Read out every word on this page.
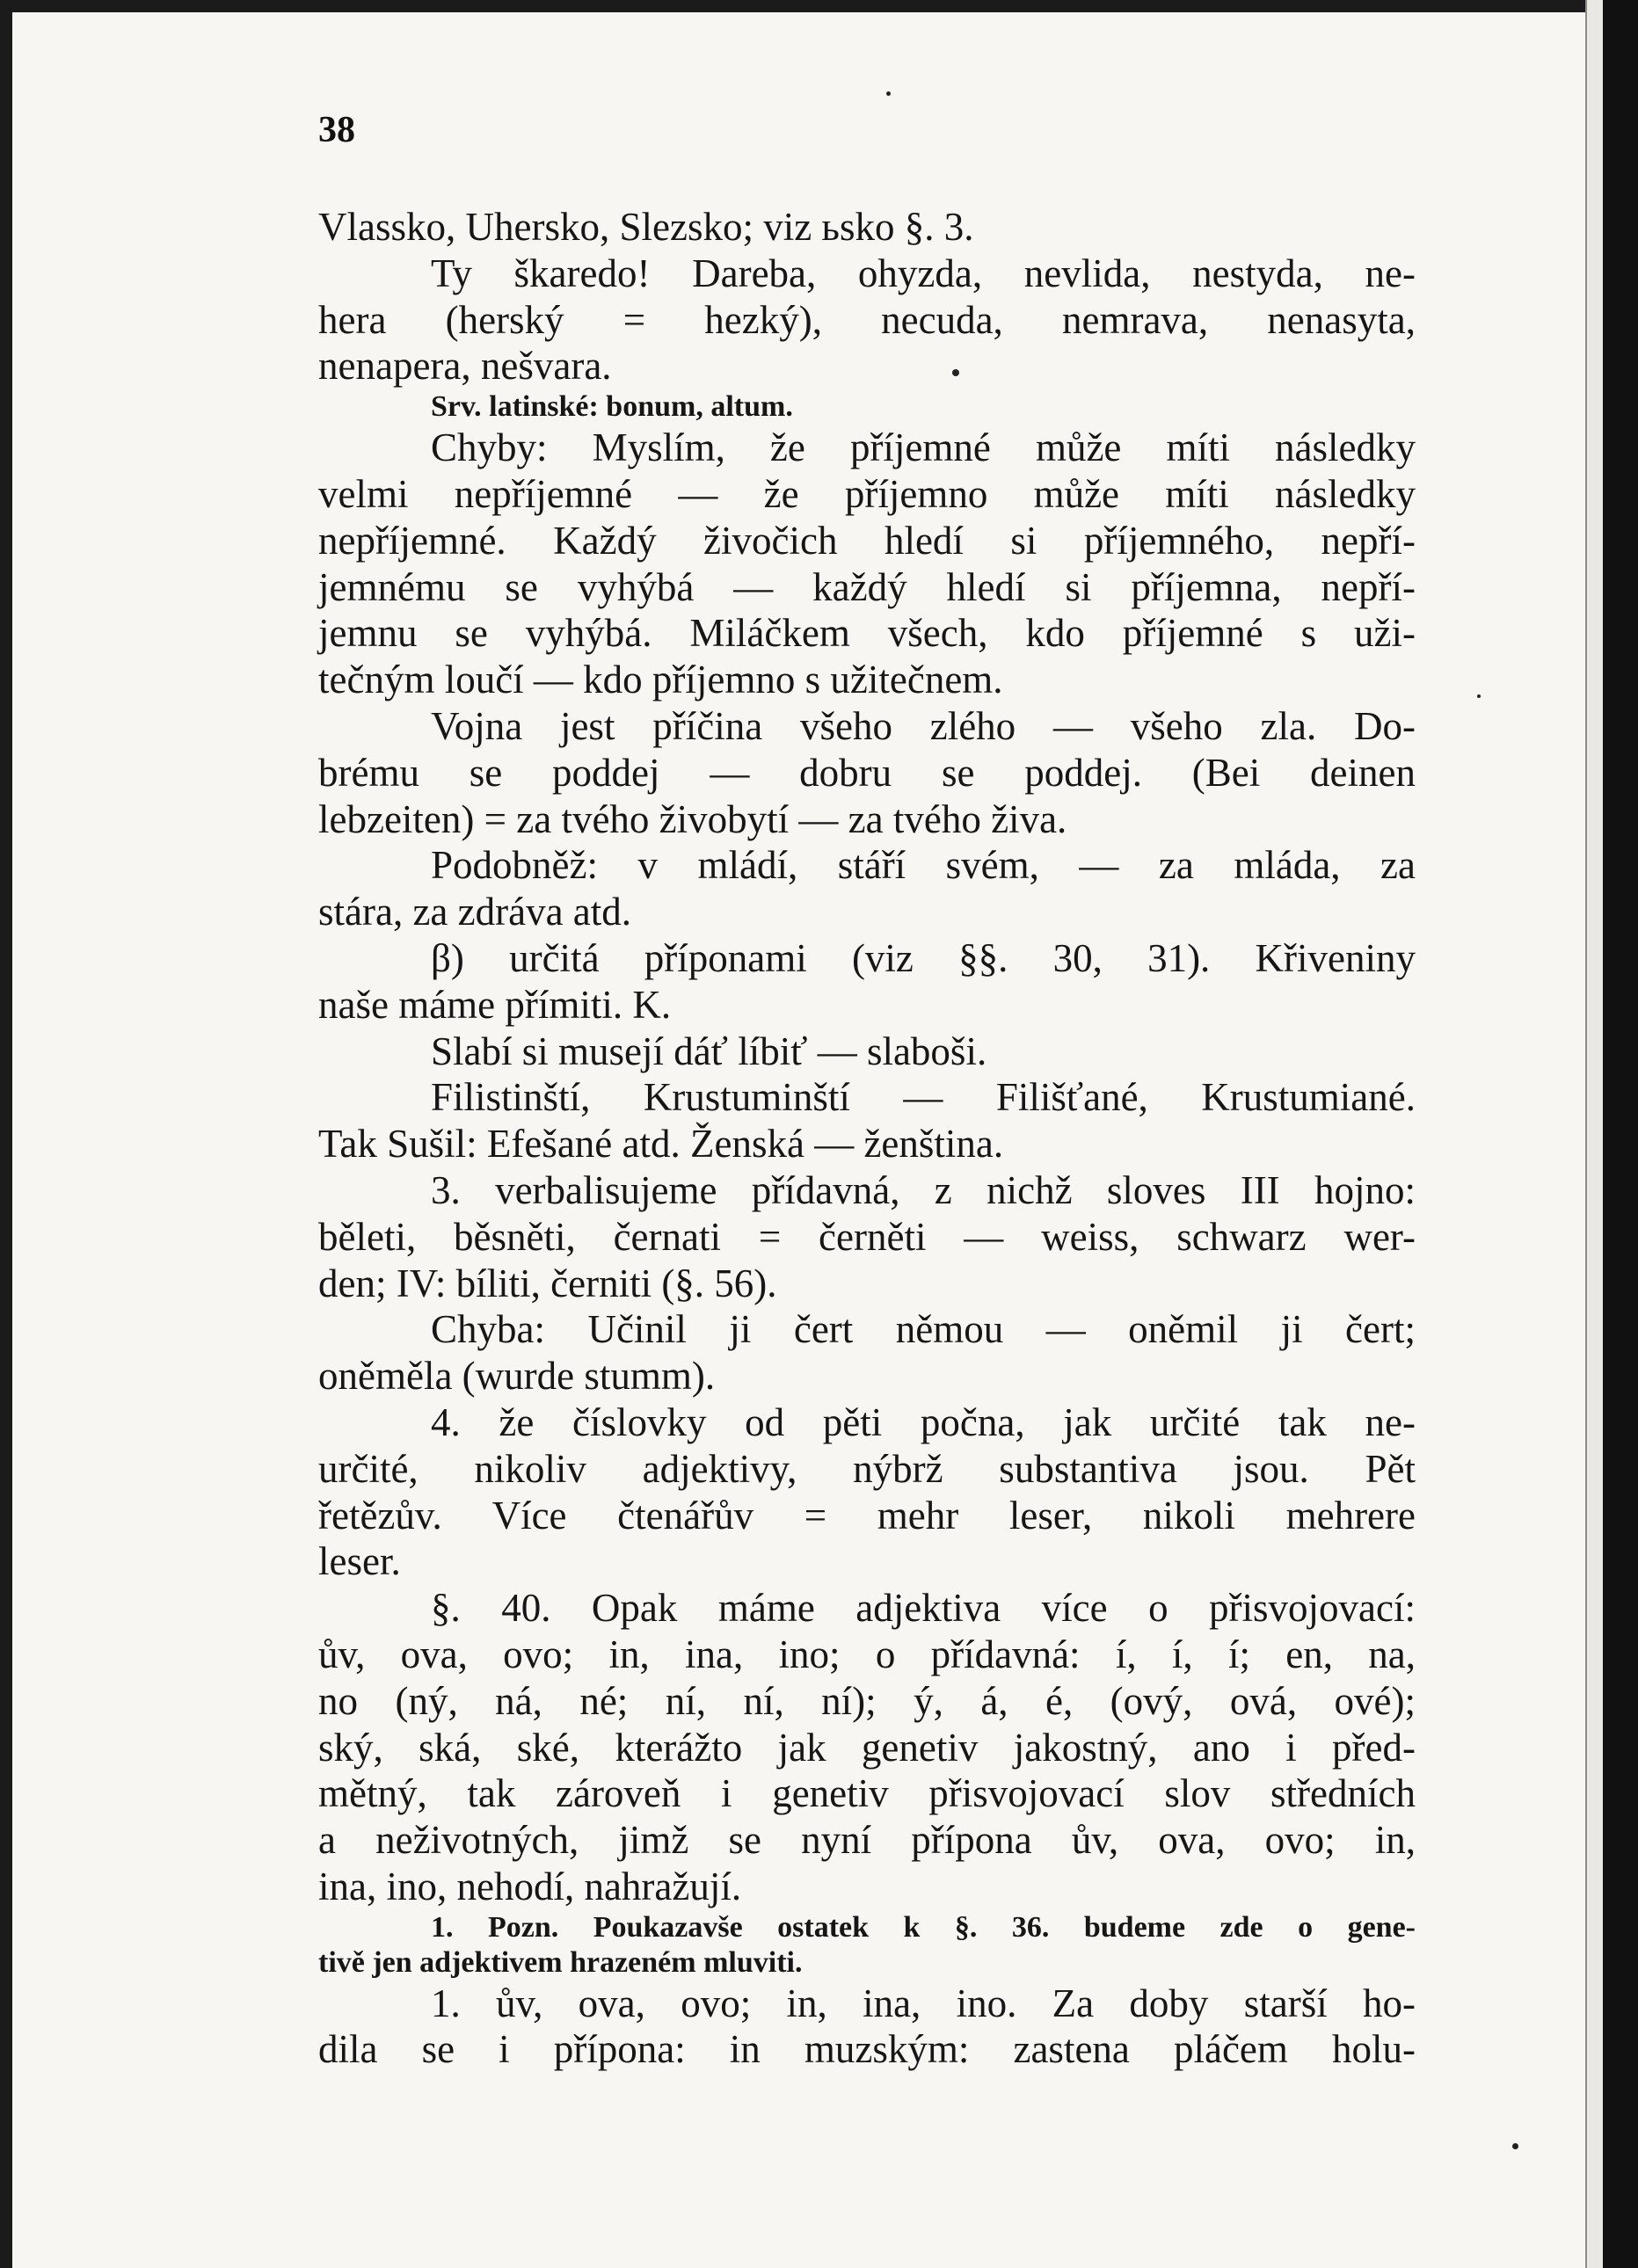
38
Vlassko, Uhersko, Slezsko; viz ьsko §. 3.
Ty škaredo! Dareba, ohyzda, nevlida, nestyda, ne-
hera (herský = hezký), necuda, nemrava, nenasyta,
nenapera, nešvara.
Srv. latinské: bonum, altum.
Chyby: Myslím, že příjemné může míti následky
velmi nepříjemné — že příjemno může míti následky
nepříjemné. Každý živočich hledí si příjemného, nepří-
jemnému se vyhýbá — každý hledí si příjemna, nepří-
jemnu se vyhýbá. Miláčkem všech, kdo příjemné s uži-
tečným loučí — kdo příjemno s užitečnem.
Vojna jest příčina všeho zlého — všeho zla. Do-
brému se poddej — dobru se poddej. (Bei deinen
lebzeiten) = za tvého živobytí — za tvého živa.
Podobněž: v mládí, stáří svém, — za mláda, za
stára, za zdráva atd.
β) určitá příponami (viz §§. 30, 31). Křiveniny
naše máme přímiti. K.
Slabí si musejí dáť líbiť — slaboši.
Filistinští, Krustuminští — Filišťané, Krustumiané.
Tak Sušil: Efešané atd. Ženská — ženština.
3. verbalisujeme přídavná, z nichž sloves III hojno:
běleti, běsněti, černati = černěti — weiss, schwarz wer-
den; IV: bíliti, černiti (§. 56).
Chyba: Učinil ji čert němou — oněmil ji čert;
oněměla (wurde stumm).
4. že číslovky od pěti počna, jak určité tak ne-
určité, nikoliv adjektivy, nýbrž substantiva jsou. Pět
řetězův. Více čtenářův = mehr leser, nikoli mehrere
leser.
§. 40. Opak máme adjektiva více o přisvojovací:
ův, ova, ovo; in, ina, ino; o přídavná: í, í, í; en, na,
no (ný, ná, né; ní, ní, ní); ý, á, é, (ový, ová, ové);
ský, ská, ské, kterážto jak genetiv jakostný, ano i před-
mětný, tak zároveň i genetiv přisvojovací slov středních
a neživotných, jimž se nyní přípona ův, ova, ovo; in,
ina, ino, nehodí, nahražují.
1. Pozn. Poukazavše ostatek k §. 36. budeme zde o gene-
tivě jen adjektivem hrazeném mluviti.
1. ův, ova, ovo; in, ina, ino. Za doby starší ho-
dila se i přípona: in muzským: zastena pláčem holu-
